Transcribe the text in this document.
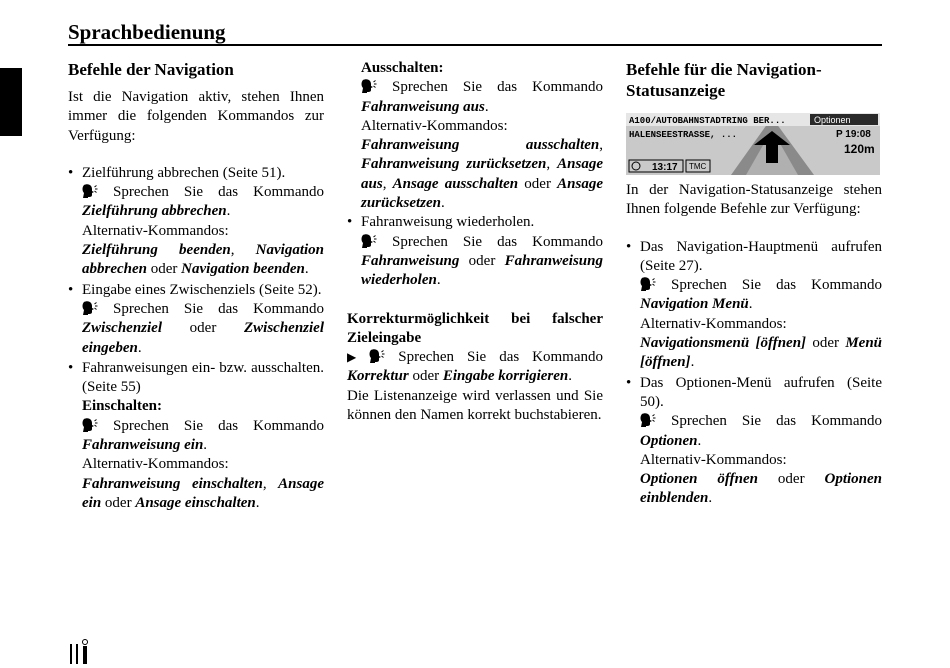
Sprachbedienung
Befehle der Navigation

Ist die Navigation aktiv, stehen Ihnen immer die folgenden Kommandos zur Verfügung:

• Zielführung abbrechen (Seite 51).
Sprechen Sie das Kommando Zielführung abbrechen.
Alternativ-Kommandos:
Zielführung beenden, Navigation abbrechen oder Navigation beenden.
• Eingabe eines Zwischenziels (Seite 52).
Sprechen Sie das Kommando Zwischenziel oder Zwischenziel eingeben.
• Fahranweisungen ein- bzw. ausschalten. (Seite 55)
Einschalten:
Sprechen Sie das Kommando Fahranweisung ein.
Alternativ-Kommandos:
Fahranweisung einschalten, Ansage ein oder Ansage einschalten.
Ausschalten:
Sprechen Sie das Kommando Fahranweisung aus.
Alternativ-Kommandos:
Fahranweisung ausschalten, Fahranweisung zurücksetzen, Ansage aus, Ansage ausschalten oder Ansage zurücksetzen.
• Fahranweisung wiederholen.
Sprechen Sie das Kommando Fahranweisung oder Fahranweisung wiederholen.

Korrekturmöglichkeit bei falscher Zieleingabe

▶	Sprechen Sie das Kommando Korrektur oder Eingabe korrigieren.

Die Listenanzeige wird verlassen und Sie können den Namen korrekt buchstabieren.

Befehle für die Navigation-Statusanzeige
A100/AUTOBAHNSTADTRING BER...	Optionen
HALENSEESTRASSE, ...	P 19:08
120m
13:17 TMC

In der Navigation-Statusanzeige stehen Ihnen folgende Befehle zur Verfügung:

• Das Navigation-Hauptmenü aufrufen (Seite 27).
Sprechen Sie das Kommando Navigation Menü.
Alternativ-Kommandos:
Navigationsmenü [öffnen] oder Menü [öffnen].
• Das Optionen-Menü aufrufen (Seite 50).
Sprechen Sie das Kommando Optionen.
Alternativ-Kommandos:
Optionen öffnen oder Optionen einblenden.
